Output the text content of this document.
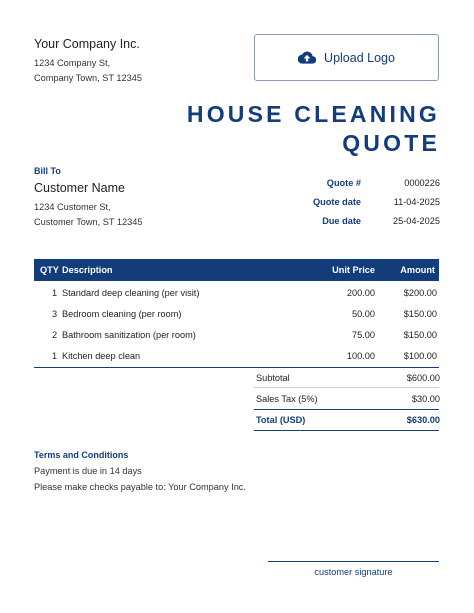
Your Company Inc.
1234 Company St,
Company Town, ST 12345
Upload Logo
HOUSE CLEANING
QUOTE
Bill To
Customer Name
1234 Customer St,
Customer Town, ST 12345
Quote #	0000226
Quote date	11-04-2025
Due date	25-04-2025
QTY Description	Unit Price	Amount
1 Standard deep cleaning (per visit)	200.00	$200.00
3 Bedroom cleaning (per room)	50.00	$150.00
2 Bathroom sanitization (per room)	75.00	$150.00
1 Kitchen deep clean	100.00	$100.00
Subtotal	$600.00
Sales Tax (5%)	$30.00
Total (USD)	$630.00
Terms and Conditions
Payment is due in 14 days
Please make checks payable to: Your Company Inc.
customer signature
